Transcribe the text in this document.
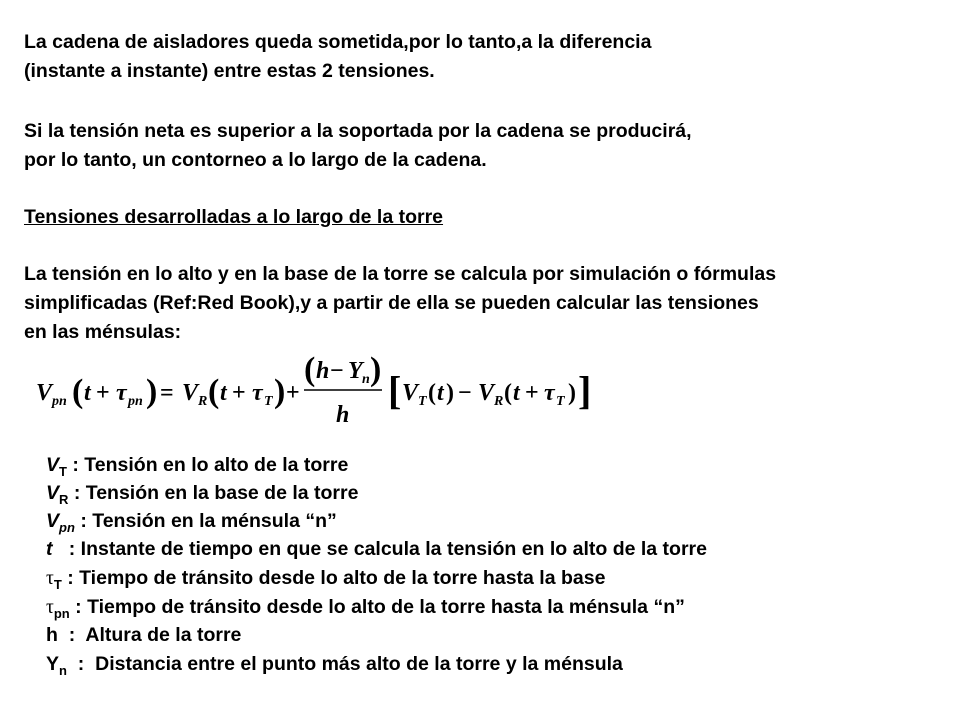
La cadena de aisladores queda sometida,por lo tanto,a la diferencia
(instante a instante) entre estas 2 tensiones.
Si la tensión neta es superior a la soportada por la cadena se producirá,
por lo tanto, un contorneo a lo largo de la cadena.
Tensiones desarrolladas a lo largo de la torre
La tensión en lo alto y en la base de la torre se calcula por simulación o fórmulas
simplificadas (Ref:Red Book),y a partir de ella se pueden calcular las tensiones
en las ménsulas:
V pn ( t + τ pn ) = V R ( t + τ T ) +
( h − Y n )
h
[ V T ( t ) − V R ( t + τ T ) ]
$V_T$ : Tensión en lo alto de la torre
$V_R$ : Tensión en la base de la torre
$V_{pn}$ : Tensión en la ménsula “n”
t   : Instante de tiempo en que se calcula la tensión en lo alto de la torre
$\tau_T$ : Tiempo de tránsito desde lo alto de la torre hasta la base
$\tau_{pn}$ : Tiempo de tránsito desde lo alto de la torre hasta la ménsula “n”
h  :  Altura de la torre
$Y_n$  :  Distancia entre el punto más alto de la torre y la ménsula
